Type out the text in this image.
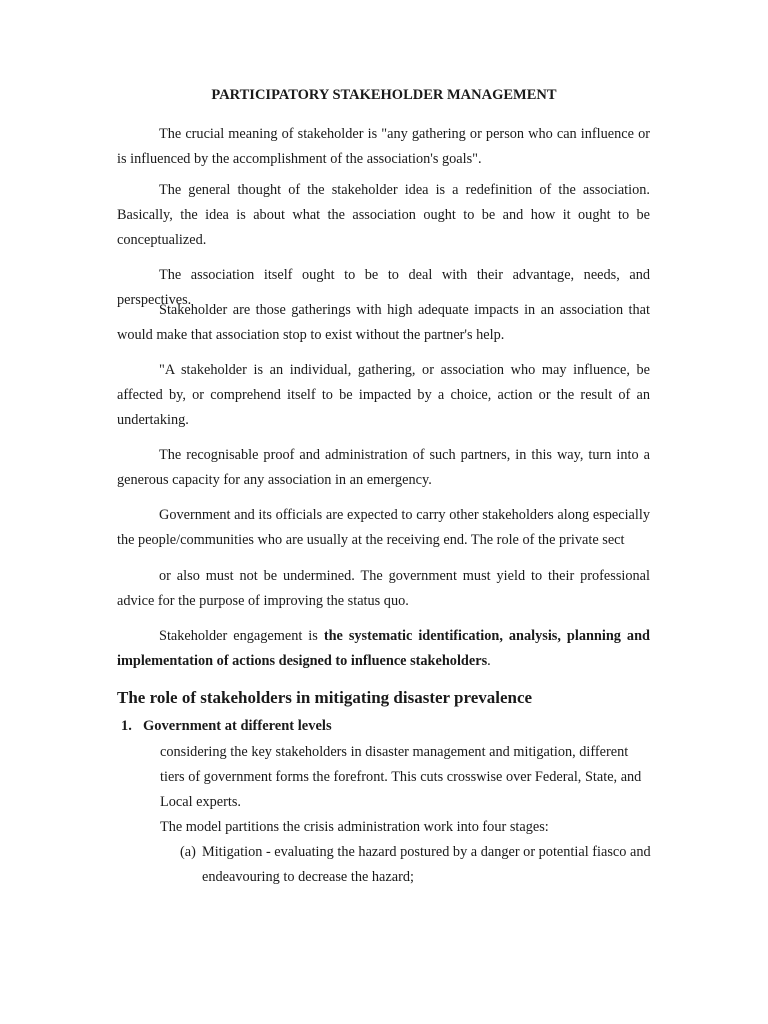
PARTICIPATORY STAKEHOLDER MANAGEMENT

The crucial meaning of stakeholder is "any gathering or person who can influence or is influenced by the accomplishment of the association's goals".

The general thought of the stakeholder idea is a redefinition of the association. Basically, the idea is about what the association ought to be and how it ought to be conceptualized.

The association itself ought to be to deal with their advantage, needs, and perspectives.

Stakeholder are those gatherings with high adequate impacts in an association that would make that association stop to exist without the partner's help.

"A stakeholder is an individual, gathering, or association who may influence, be affected by, or comprehend itself to be impacted by a choice, action or the result of an undertaking.

The recognisable proof and administration of such partners, in this way, turn into a generous capacity for any association in an emergency.

Government and its officials are expected to carry other stakeholders along especially the people/communities who are usually at the receiving end. The role of the private sect

or also must not be undermined. The government must yield to their professional advice for the purpose of improving the status quo.

Stakeholder engagement is the systematic identification, analysis, planning and implementation of actions designed to influence stakeholders.

The role of stakeholders in mitigating disaster prevalence
1. Government at different levels

considering the key stakeholders in disaster management and mitigation, different tiers of government forms the forefront. This cuts crosswise over Federal, State, and Local experts.

The model partitions the crisis administration work into four stages:

(a) Mitigation - evaluating the hazard postured by a danger or potential fiasco and endeavouring to decrease the hazard;
